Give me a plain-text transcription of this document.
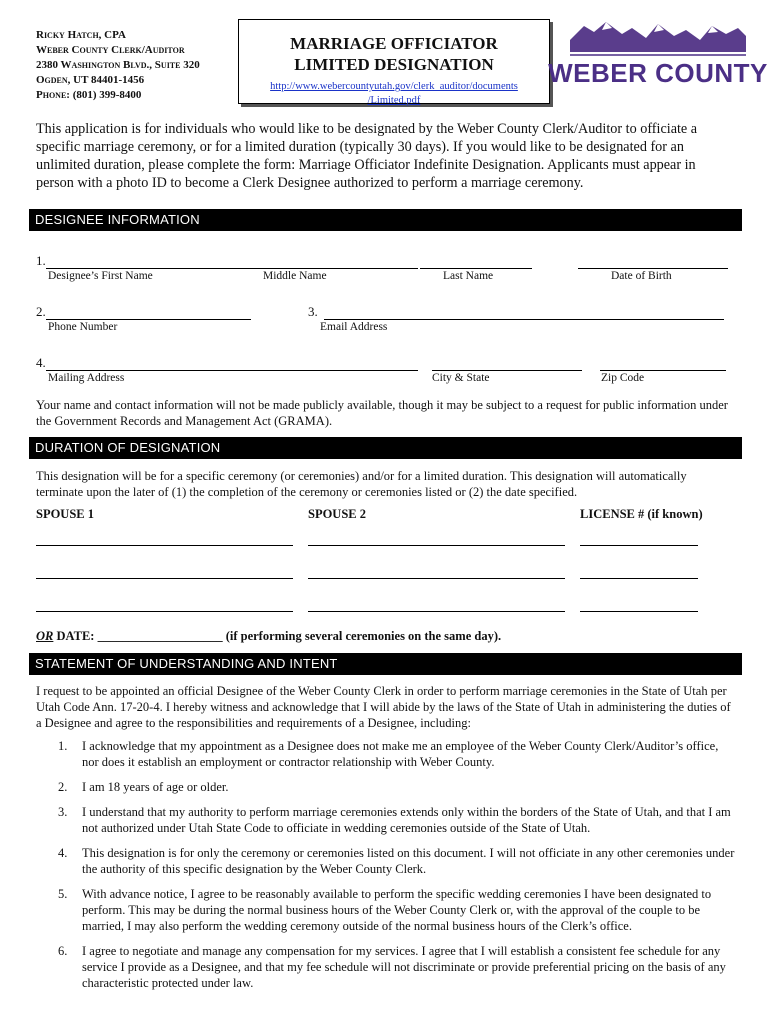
Ricky Hatch, CPA
Weber County Clerk/Auditor
2380 Washington Blvd., Suite 320
Ogden, UT 84401-1456
Phone: (801) 399-8400
MARRIAGE OFFICIATOR
LIMITED DESIGNATION
http://www.webercountyutah.gov/clerk_auditor/documents
/Limited.pdf
WEBER COUNTY
This application is for individuals who would like to be designated by the Weber County Clerk/Auditor to officiate a specific marriage ceremony, or for a limited duration (typically 30 days). If you would like to be designated for an unlimited duration, please complete the form: Marriage Officiator Indefinite Designation. Applicants must appear in person with a photo ID to become a Clerk Designee authorized to perform a marriage ceremony.
DESIGNEE INFORMATION
1.
Designee’s First Name	Middle Name	Last Name	Date of Birth
2.	3.
Phone Number	Email Address
4.
Mailing Address	City & State	Zip Code
Your name and contact information will not be made publicly available, though it may be subject to a request for public information under the Government Records and Management Act (GRAMA).
DURATION OF DESIGNATION
This designation will be for a specific ceremony (or ceremonies) and/or for a limited duration. This designation will automatically terminate upon the later of (1) the completion of the ceremony or ceremonies listed or (2) the date specified.
SPOUSE 1	SPOUSE 2	LICENSE # (if known)
OR DATE: ____________________ (if performing several ceremonies on the same day).
STATEMENT OF UNDERSTANDING AND INTENT
I request to be appointed an official Designee of the Weber County Clerk in order to perform marriage ceremonies in the State of Utah per Utah Code Ann. 17-20-4. I hereby witness and acknowledge that I will abide by the laws of the State of Utah in administering the duties of a Designee and agree to the responsibilities and requirements of a Designee, including:
1. I acknowledge that my appointment as a Designee does not make me an employee of the Weber County Clerk/Auditor’s office, nor does it establish an employment or contractor relationship with Weber County.
2. I am 18 years of age or older.
3. I understand that my authority to perform marriage ceremonies extends only within the borders of the State of Utah, and that I am not authorized under Utah State Code to officiate in wedding ceremonies outside of the State of Utah.
4. This designation is for only the ceremony or ceremonies listed on this document. I will not officiate in any other ceremonies under the authority of this specific designation by the Weber County Clerk.
5. With advance notice, I agree to be reasonably available to perform the specific wedding ceremonies I have been designated to perform. This may be during the normal business hours of the Weber County Clerk or, with the approval of the couple to be married, I may also perform the wedding ceremony outside of the normal business hours of the Clerk’s office.
6. I agree to negotiate and manage any compensation for my services. I agree that I will establish a consistent fee schedule for any service I provide as a Designee, and that my fee schedule will not discriminate or provide preferential pricing on the basis of any characteristic protected under law.
